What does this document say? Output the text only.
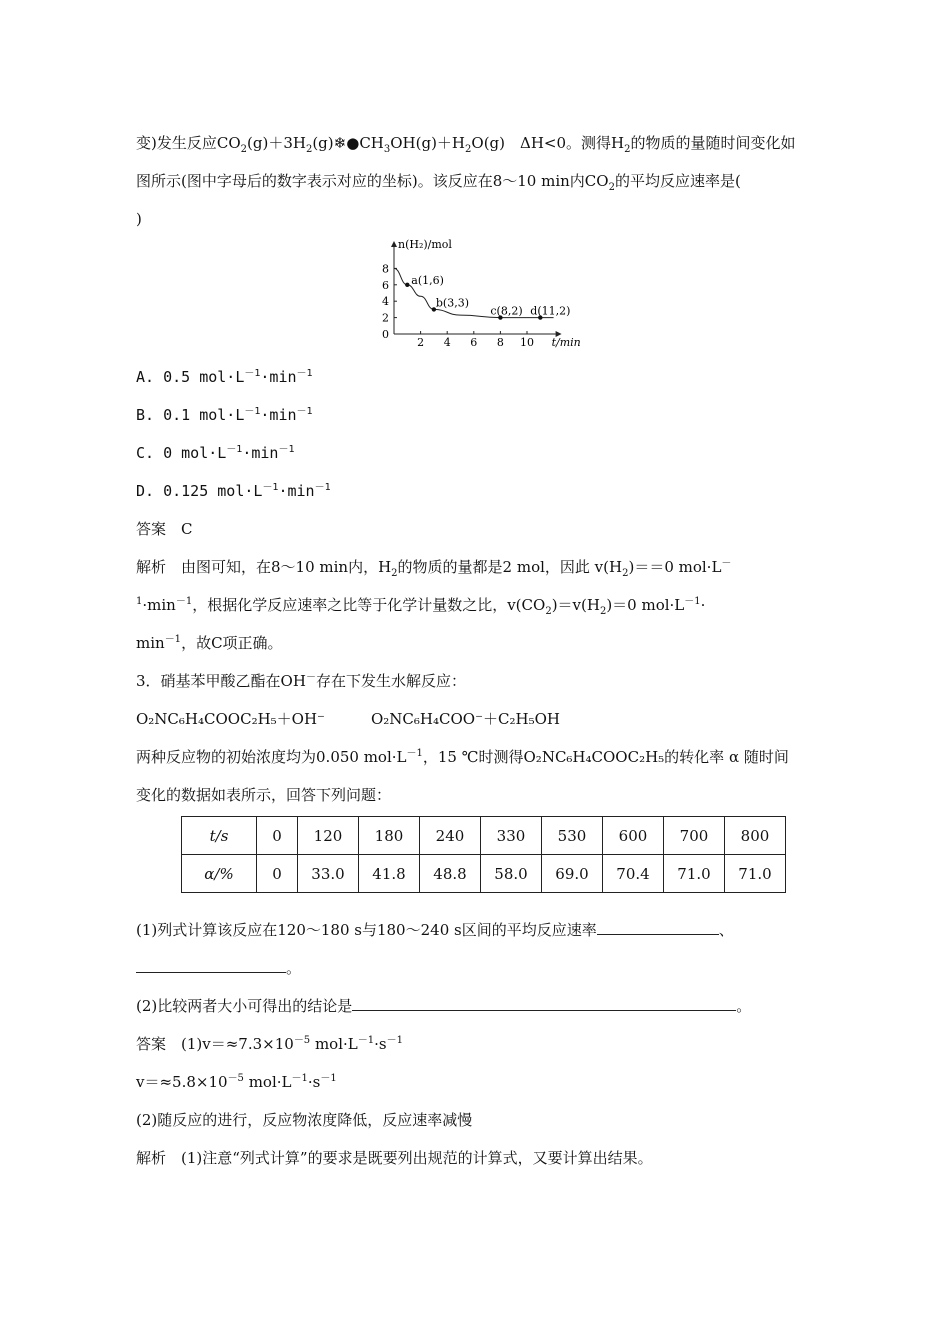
变)发生反应$CO_2(g)+3H_2(g)❄●CH_3OH(g)+H_2O(g)$　ΔH<0。测得$H_2$的物质的量随时间变化如
图所示(图中字母后的数字表示对应的坐标)。该反应在8～10 min内$CO_2$的平均反应速率是(
)
2 4 6 8 10
0
2
4
6
8
n(H₂)/mol
t/min
a(1,6)
b(3,3)
c(8,2) d(11,2)
A. 0.5 $mol\cdot L^{-1}\cdot\min^{-1}$
B. 0.1 $mol\cdot L^{-1}\cdot\min^{-1}$
C. 0 $mol\cdot L^{-1}\cdot\min^{-1}$
D. 0.125 $mol\cdot L^{-1}\cdot\min^{-1}$
答案　C
解析　由图可知，在8～10 min内，$H_2$的物质的量都是2 mol，因此 $v(H_2)==0$ mol·L－
$^1\cdot\min^{-1}$，根据化学反应速率之比等于化学计量数之比，$v(CO_2)=v(H_2)=0$ $mol\cdot L^{-1}\cdot$
$\min^{-1}$，故C项正确。
3．硝基苯甲酸乙酯在OH－存在下发生水解反应：
O₂NC₆H₄COOC₂H₅＋OH⁻	O₂NC₆H₄COO⁻＋C₂H₅OH
两种反应物的初始浓度均为0.050 $mol\cdot L^{-1}$，15 ℃时测得O₂NC₆H₄COOC₂H₅的转化率 α 随时间
变化的数据如表所示，回答下列问题：
t/s	0	120	180	240	330	530	600	700	800
α/%	0	33.0	41.8	48.8	58.0	69.0	70.4	71.0	71.0
(1)列式计算该反应在120～180 s与180～240 s区间的平均反应速率	、
。
(2)比较两者大小可得出的结论是	。
答案　$(1)v=\approx 7.3\times 10^{-5}$ $mol\cdot L^{-1}\cdot s^{-1}$
$v=\approx 5.8\times 10^{-5}$ $mol\cdot L^{-1}\cdot s^{-1}$
(2)随反应的进行，反应物浓度降低，反应速率减慢
解析　(1)注意“列式计算”的要求是既要列出规范的计算式，又要计算出结果。
